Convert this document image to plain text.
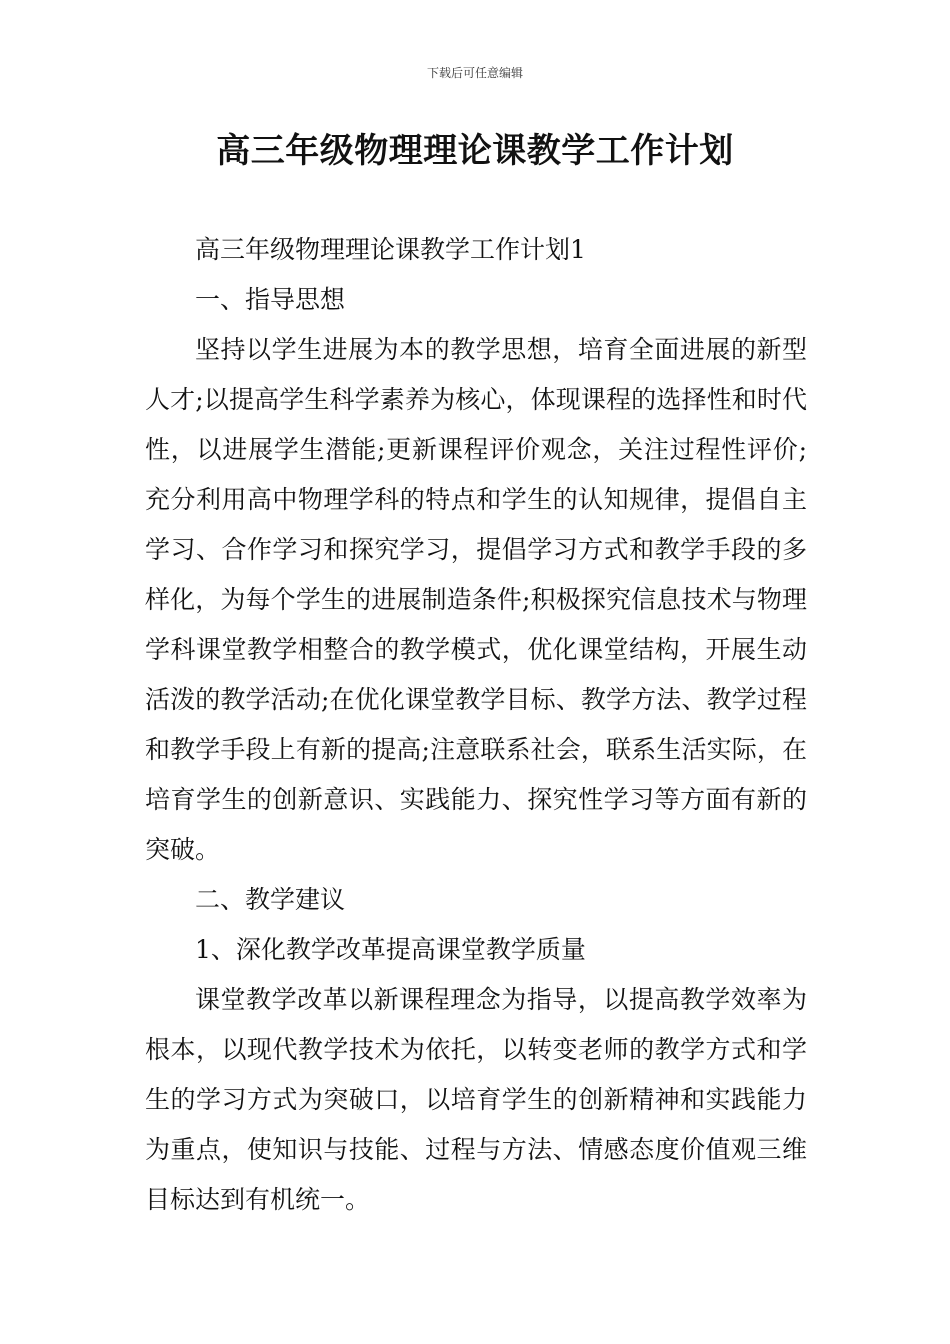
下载后可任意编辑
高三年级物理理论课教学工作计划

高三年级物理理论课教学工作计划1

一、指导思想

坚持以学生进展为本的教学思想，培育全面进展的新型人才;以提高学生科学素养为核心，体现课程的选择性和时代性，以进展学生潜能;更新课程评价观念，关注过程性评价;充分利用高中物理学科的特点和学生的认知规律，提倡自主学习、合作学习和探究学习，提倡学习方式和教学手段的多样化，为每个学生的进展制造条件;积极探究信息技术与物理学科课堂教学相整合的教学模式，优化课堂结构，开展生动活泼的教学活动;在优化课堂教学目标、教学方法、教学过程和教学手段上有新的提高;注意联系社会，联系生活实际，在培育学生的创新意识、实践能力、探究性学习等方面有新的突破。

二、教学建议

1、深化教学改革提高课堂教学质量

课堂教学改革以新课程理念为指导，以提高教学效率为根本，以现代教学技术为依托，以转变老师的教学方式和学生的学习方式为突破口，以培育学生的创新精神和实践能力为重点，使知识与技能、过程与方法、情感态度价值观三维目标达到有机统一。
